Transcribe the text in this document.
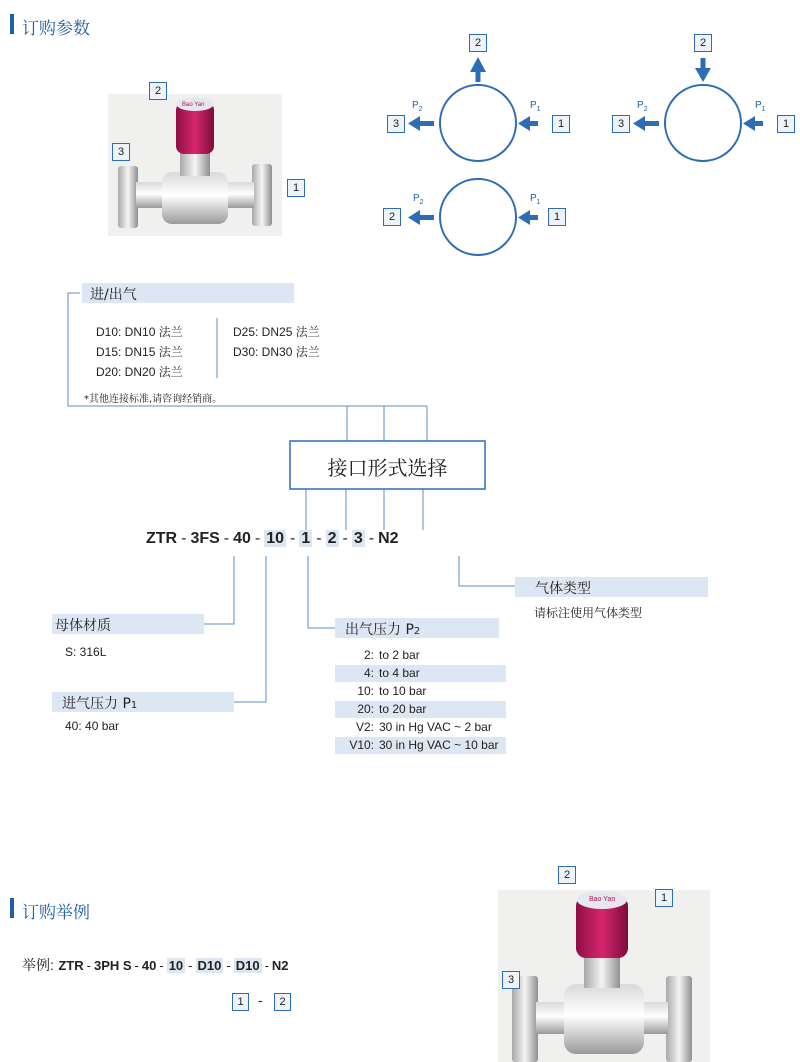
订购参数
Bao Yan
2
3
1
2
3	1
$P_2$	$P_1$
2
3	1
$P_2$	$P_1$
2	1
$P_2$	$P_1$
进/出气
D10: DN10 法兰
D15: DN15 法兰
D20: DN20 法兰
D25: DN25 法兰
D30: DN30 法兰
*其他连接标准,请咨询经销商。
接口形式选择
ZTR - 3FS - 40 - 10 - 1 - 2 - 3 - N2
气体类型
请标注使用气体类型
母体材质
S: 316L
出气压力 P2
2: to 2 bar
4: to 4 bar
10: to 10 bar
20: to 20 bar
V2: 30 in Hg VAC ~ 2 bar
V10: 30 in Hg VAC ~ 10 bar
进气压力 P1
40: 40 bar
订购举例
举例: ZTR - 3PH S - 40 - 10 - D10 - D10 - N2
1	-	2
Bao Yan
2
1
3
